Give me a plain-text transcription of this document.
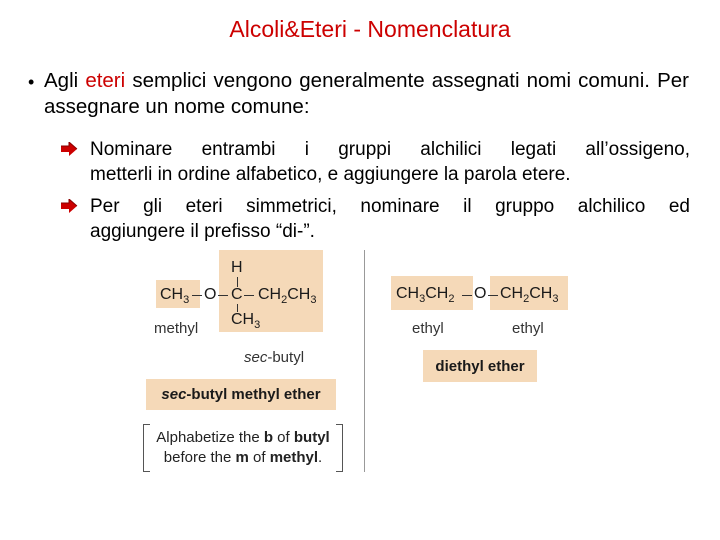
Alcoli&Eteri - Nomenclatura
• Agli eteri semplici vengono generalmente assegnati nomi comuni. Per assegnare un nome comune:
Nominare entrambi i gruppi alchilici legati all’ossigeno,
metterli in ordine alfabetico, e aggiungere la parola etere.
Per gli eteri simmetrici, nominare il gruppo alchilico ed
aggiungere il prefisso “di-”.
H
$CH_3$ O C $CH_2CH_3$
$CH_3$
methyl
sec-butyl
sec -butyl methyl ether
Alphabetize the b of butyl
before the m of methyl.
$CH_3CH_2$ O $CH_2CH_3$
ethyl	ethyl
diethyl ether
